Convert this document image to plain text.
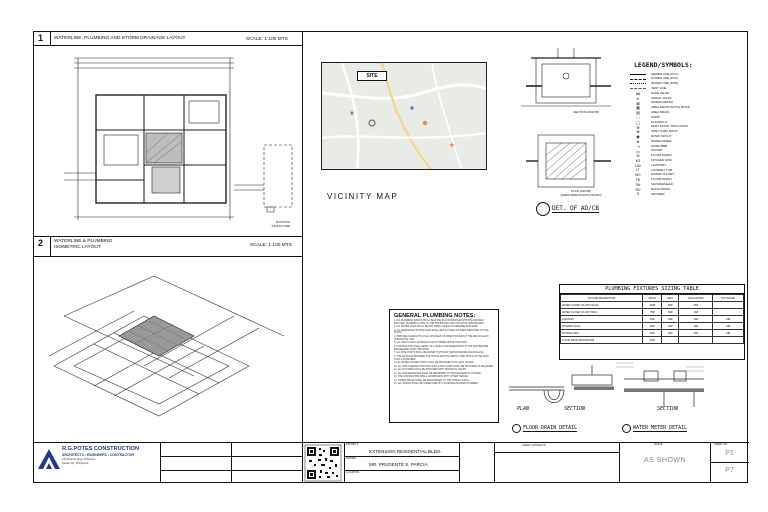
1 WATERLINE, PLUMBING AND STORM DRAINAGE LAYOUT	SCALE: 1:100 MTS
EXISTING
STRUCTURE
2 WATERLINE & PLUMBING
ISOMETRIC LAYOUT	SCALE: 1:100 MTS
SITE
VICINITY MAP
SECTION (AD/CB)
PLAN (AD/CB)
(AREA DRAIN/CATCH BASIN)
DET. OF AD/CB
LEGEND/SYMBOLS:
SEWER LINE (PVC)
STORM LINE (PVC)
WATER LINE (PPR)
VENT LINE
⋈	GATE VALVE
⊳	CHECK VALVE
⊠	WATER METER
▦	AREA DRAIN/CATCH BASIN
▤	AREA DRAIN
□	SUMP
◯	CLEANOUT
⊕	VENT STACK THRU ROOF
⊗	VENT THRU ROOF
◉	DOWN SPOUT
●	WATER RISER
⊣	HOSE BIBB
▭	FAUCET
⊘	FLOOR DRAIN
KS	KITCHEN SINK
LAV	LAVATORY
LT	LAUNDRY TUB
WC	WATER CLOSET
FD	FLOOR DRAIN
SH	SHOWERHEAD
RD	ROOF DRAIN
S	SHOWER
GENERAL PLUMBING NOTES:
1. ALL PLUMBING WORKS SHALL BE DONE IN ACCORDANCE WITH THE REVISED NATIONAL PLUMBING CODE OF THE PHILIPPINES AND THE LOCAL ORDINANCES.
2. ALL WATER LINES SHALL BE PPR PIPES UNLESS OTHERWISE SPECIFIED.
3. ALL SEWER AND STORM LINES SHALL BE PVC PIPES OF SIZES INDICATED ON THE PLANS.
4. PROVIDE CLEANOUTS AT ALL CHANGES OF DIRECTION AND AT THE END OF EACH HORIZONTAL RUN.
5. ALL VENTS SHALL EXTEND AT LEAST 150MM ABOVE THE ROOF.
6. CONTRACTOR SHALL VERIFY ALL LEVELS AND DIMENSIONS AT THE SITE BEFORE PROCEEDING WITH THE WORK.
7. ALL PIPE JOINTS SHALL BE WATER TIGHT AND TESTED BEFORE BACKFILLING.
8. THE DISTANCE BETWEEN THE HOUSE AND THE SEPTIC TANK SHALL NOT BE LESS THAN 1.50 METERS.
9. ALL WATER CONNECTIONS SHALL BE PROVIDED WITH GATE VALVES.
10. ALL PIPE SLEEVES THROUGH WALLS AND SLABS SHALL BE PROVIDED AS REQUIRED.
11. ALL FIXTURES SHALL BE PROVIDED WITH INDIVIDUAL TRAPS.
12. ALL DISCREPANCIES SHALL BE REPORTED TO THE ENGINEER IN CHARGE.
13. THE CONTRACTOR SHALL COORDINATE WITH OTHER TRADES.
14. STORM WATER SHALL BE DISCHARGED TO THE STREET CANAL.
15. ALL WORKS SHALL BE SUPERVISED BY A LICENSED MASTER PLUMBER.
PLUMBING FIXTURES SIZING TABLE
FIXTURE DESCRIPTION	DRAIN	VENT	COLD WATER	HOT WATER
WATER CLOSET (FLUSH VALVE)	100Ø	50Ø	25Ø	-
WATER CLOSET (FLUSH TANK)	75Ø	50Ø	13Ø	-
LAVATORY	50Ø	32Ø	13Ø	13Ø
SHOWER STALL	50Ø	32Ø	13Ø	13Ø
KITCHEN SINK	50Ø	32Ø	13Ø	13Ø
FLOOR DRAIN (BATHROOM)	50Ø	-	-	-
PLAN	SECTION	SECTION
FLOOR DRAIN DETAIL	WATER METER DETAIL
R.G.POTES CONSTRUCTION
ARCHITECTS • ENGINEERS • CONTRACTOR
123 Rizal St. Brgy. Poblacion
Davao City, Philippines
PROJECT
EXTENSION RESIDENTIAL BLDG.
OWNER
MR. PRUDENTE S. PARCIA
LOCATION
SHEET CONTENTS	SCALE
AS SHOWN
SHEET NO.
P1
P7
